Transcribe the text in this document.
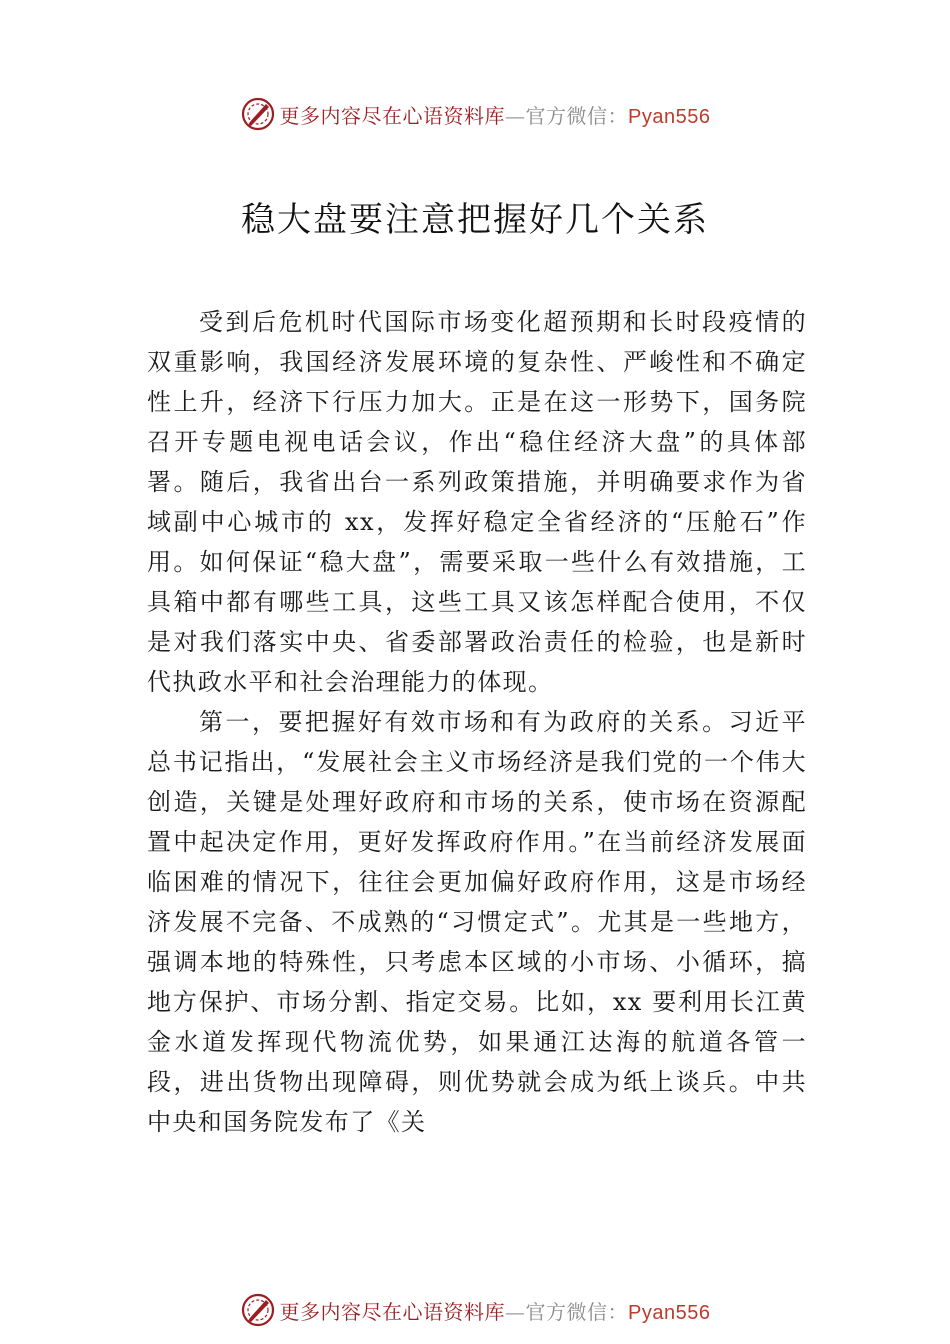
更多内容尽在心语资料库—官方微信：Pyan556
稳大盘要注意把握好几个关系

受到后危机时代国际市场变化超预期和长时段疫情的双重影响，我国经济发展环境的复杂性、严峻性和不确定性上升，经济下行压力加大。正是在这一形势下，国务院召开专题电视电话会议，作出“稳住经济大盘”的具体部署。随后，我省出台一系列政策措施，并明确要求作为省域副中心城市的 xx，发挥好稳定全省经济的“压舱石”作用。如何保证“稳大盘”，需要采取一些什么有效措施，工具箱中都有哪些工具，这些工具又该怎样配合使用，不仅是对我们落实中央、省委部署政治责任的检验，也是新时代执政水平和社会治理能力的体现。

第一，要把握好有效市场和有为政府的关系。习近平总书记指出，“发展社会主义市场经济是我们党的一个伟大创造，关键是处理好政府和市场的关系，使市场在资源配置中起决定作用，更好发挥政府作用。”在当前经济发展面临困难的情况下，往往会更加偏好政府作用，这是市场经济发展不完备、不成熟的“习惯定式”。尤其是一些地方，强调本地的特殊性，只考虑本区域的小市场、小循环，搞地方保护、市场分割、指定交易。比如，xx 要利用长江黄金水道发挥现代物流优势，如果通江达海的航道各管一段，进出货物出现障碍，则优势就会成为纸上谈兵。中共中央和国务院发布了《关

更多内容尽在心语资料库—官方微信：Pyan556
